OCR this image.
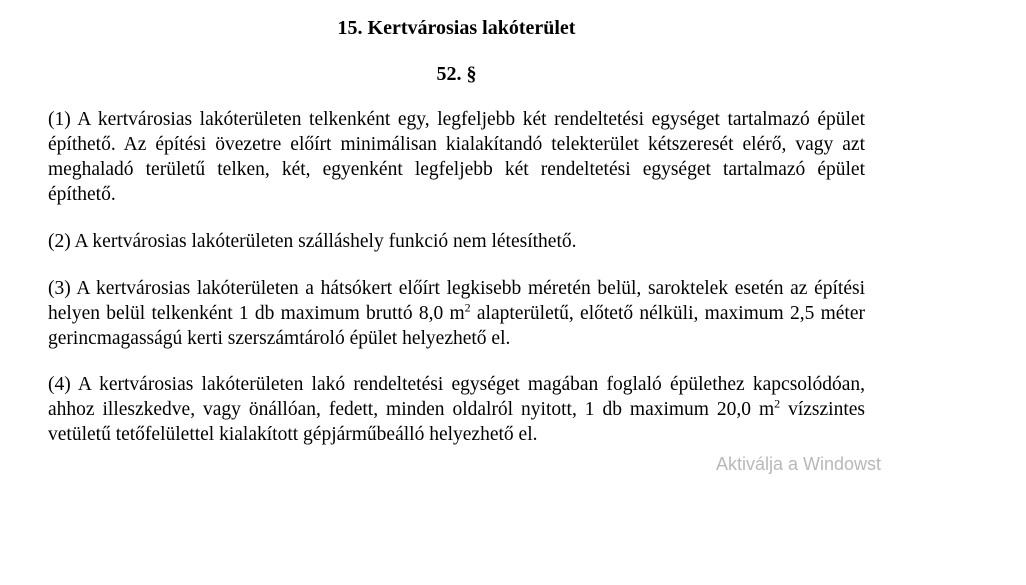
15. Kertvárosias lakóterület
52. §

(1) A kertvárosias lakóterületen telkenként egy, legfeljebb két rendeltetési egységet tartalmazó épület építhető. Az építési övezetre előírt minimálisan kialakítandó telekterület kétszeresét elérő, vagy azt meghaladó területű telken, két, egyenként legfeljebb két rendeltetési egységet tartalmazó épület építhető.

(2) A kertvárosias lakóterületen szálláshely funkció nem létesíthető.

(3) A kertvárosias lakóterületen a hátsókert előírt legkisebb méretén belül, saroktelek esetén az építési helyen belül telkenként 1 db maximum bruttó 8,0 $m^2$ alapterületű, előtető nélküli, maximum 2,5 méter gerincmagasságú kerti szerszámtároló épület helyezhető el.

(4) A kertvárosias lakóterületen lakó rendeltetési egységet magában foglaló épülethez kapcsolódóan, ahhoz illeszkedve, vagy önállóan, fedett, minden oldalról nyitott, 1 db maximum 20,0 $m^2$ vízszintes vetületű tetőfelülettel kialakított gépjárműbeálló helyezhető el.

Aktiválja a Windowst
